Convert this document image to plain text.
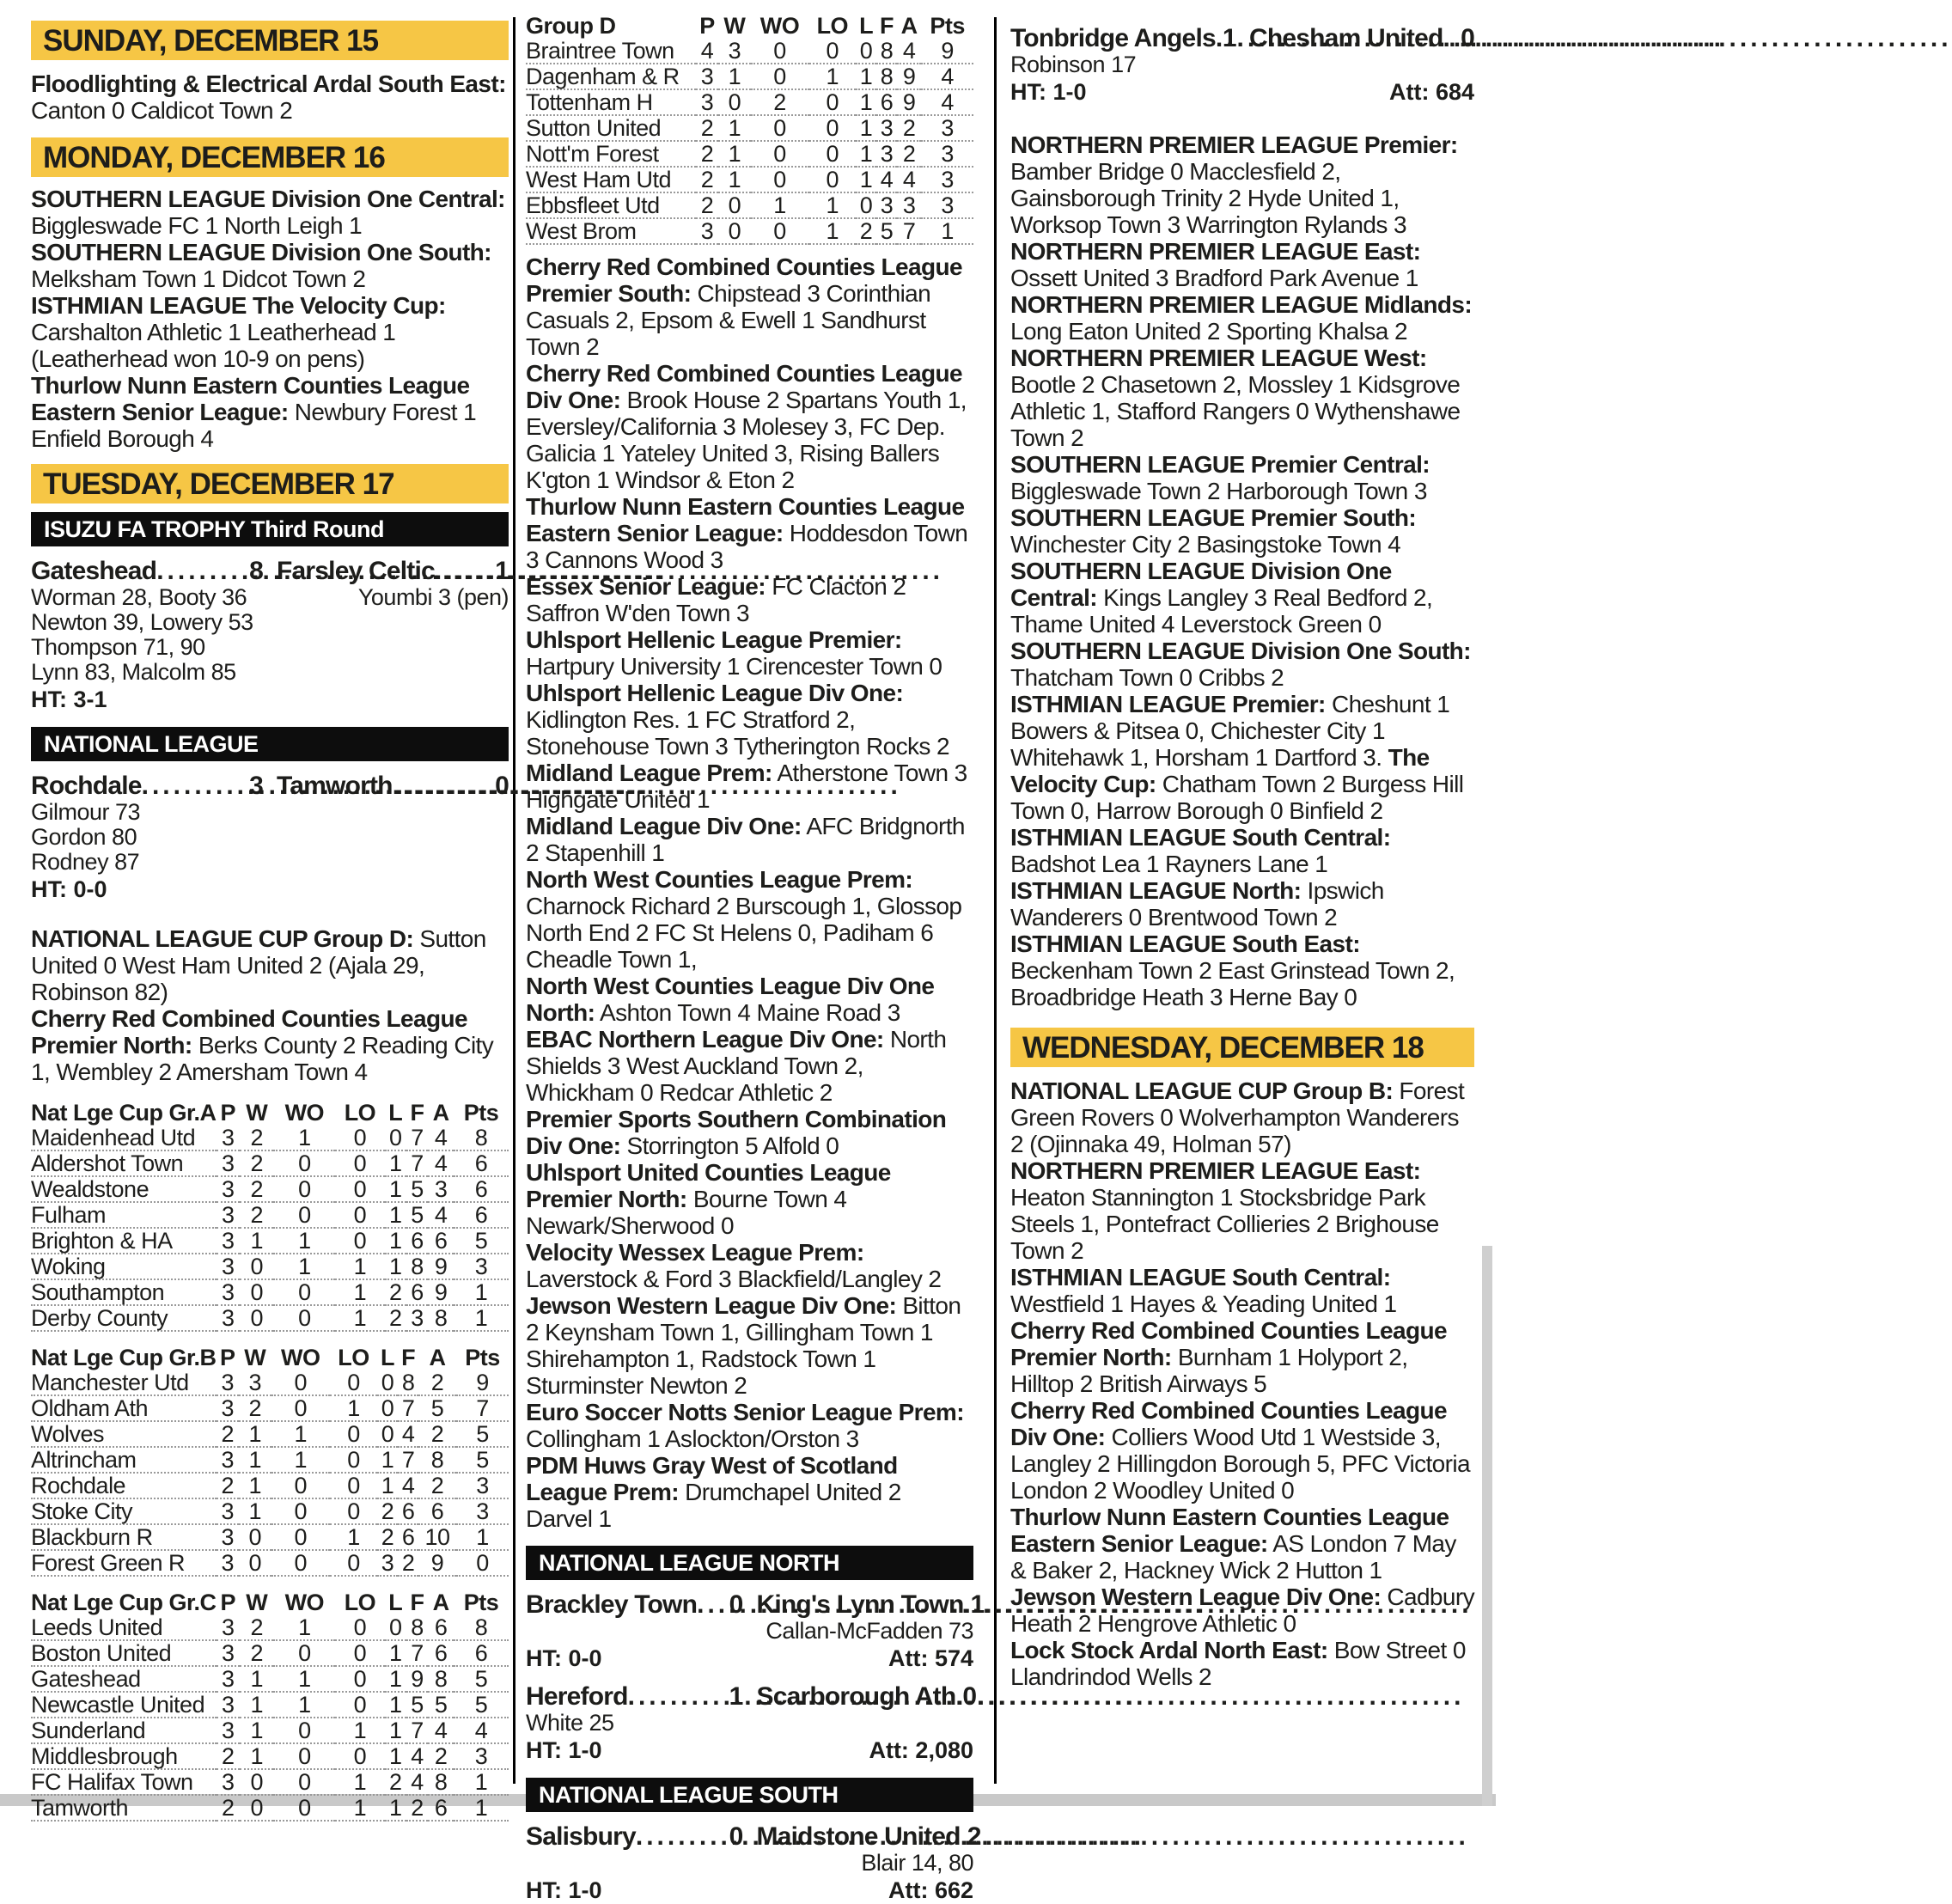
SUNDAY, DECEMBER 15

Floodlighting & Electrical Ardal South East: Canton 0 Caldicot Town 2

MONDAY, DECEMBER 16

SOUTHERN LEAGUE Division One Central: Biggleswade FC 1 North Leigh 1

SOUTHERN LEAGUE Division One South: Melksham Town 1 Didcot Town 2

ISTHMIAN LEAGUE The Velocity Cup: Carshalton Athletic 1 Leatherhead 1 (Leatherhead won 10-9 on pens)

Thurlow Nunn Eastern Counties League Eastern Senior League: Newbury Forest 1 Enfield Borough 4

TUESDAY, DECEMBER 17
ISUZU FA TROPHY Third Round
Gateshead .....	8 Farsley Celtic ..... 1
Worman 28, Booty 36
Newton 39, Lowery 53
Thompson 71, 90
Lynn 83, Malcolm 85
Youmbi 3 (pen)
HT: 3-1
NATIONAL LEAGUE
Rochdale .....	3 Tamworth .....	0
Gilmour 73
Gordon 80
Rodney 87
HT: 0-0

NATIONAL LEAGUE CUP Group D: Sutton United 0 West Ham United 2 (Ajala 29, Robinson 82)

Cherry Red Combined Counties League Premier North: Berks County 2 Reading City 1, Wembley 2 Amersham Town 4

Nat Lge Cup Gr.A	P	W	WO	LO	L	F	A	Pts
Maidenhead Utd	3	2	1	0	0	7	4	8
Aldershot Town	3	2	0	0	1	7	4	6
Wealdstone	3	2	0	0	1	5	3	6
Fulham	3	2	0	0	1	5	4	6
Brighton & HA	3	1	1	0	1	6	6	5
Woking	3	0	1	1	1	8	9	3
Southampton	3	0	0	1	2	6	9	1
Derby County	3	0	0	1	2	3	8	1
Nat Lge Cup Gr.B	P	W	WO	LO	L	F	A	Pts
Manchester Utd	3	3	0	0	0	8	2	9
Oldham Ath	3	2	0	1	0	7	5	7
Wolves	2	1	1	0	0	4	2	5
Altrincham	3	1	1	0	1	7	8	5
Rochdale	2	1	0	0	1	4	2	3
Stoke City	3	1	0	0	2	6	6	3
Blackburn R	3	0	0	1	2	6	10	1
Forest Green R	3	0	0	0	3	2	9	0
Nat Lge Cup Gr.C	P	W	WO	LO	L	F	A	Pts
Leeds United	3	2	1	0	0	8	6	8
Boston United	3	2	0	0	1	7	6	6
Gateshead	3	1	1	0	1	9	8	5
Newcastle United	3	1	1	0	1	5	5	5
Sunderland	3	1	0	1	1	7	4	4
Middlesbrough	2	1	0	0	1	4	2	3
FC Halifax Town	3	0	0	1	2	4	8	1
Tamworth	2	0	0	1	1	2	6	1
Group D	P	W	WO	LO	L	F	A	Pts
Braintree Town	4	3	0	0	0	8	4	9
Dagenham & R	3	1	0	1	1	8	9	4
Tottenham H	3	0	2	0	1	6	9	4
Sutton United	2	1	0	0	1	3	2	3
Nott'm Forest	2	1	0	0	1	3	2	3
West Ham Utd	2	1	0	0	1	4	4	3
Ebbsfleet Utd	2	0	1	1	0	3	3	3
West Brom	3	0	0	1	2	5	7	1

Cherry Red Combined Counties League Premier South: Chipstead 3 Corinthian Casuals 2, Epsom & Ewell 1 Sandhurst Town 2

Cherry Red Combined Counties League Div One: Brook House 2 Spartans Youth 1, Eversley/California 3 Molesey 3, FC Dep. Galicia 1 Yateley United 3, Rising Ballers K'gton 1 Windsor & Eton 2

Thurlow Nunn Eastern Counties League Eastern Senior League: Hoddesdon Town 3 Cannons Wood 3

Essex Senior League: FC Clacton 2 Saffron W'den Town 3

Uhlsport Hellenic League Premier: Hartpury University 1 Cirencester Town 0

Uhlsport Hellenic League Div One: Kidlington Res. 1 FC Stratford 2, Stonehouse Town 3 Tytherington Rocks 2

Midland League Prem: Atherstone Town 3 Highgate United 1

Midland League Div One: AFC Bridgnorth 2 Stapenhill 1

North West Counties League Prem: Charnock Richard 2 Burscough 1, Glossop North End 2 FC St Helens 0, Padiham 6 Cheadle Town 1,

North West Counties League Div One North: Ashton Town 4 Maine Road 3

EBAC Northern League Div One: North Shields 3 West Auckland Town 2, Whickham 0 Redcar Athletic 2

Premier Sports Southern Combination Div One: Storrington 5 Alfold 0

Uhlsport United Counties League Premier North: Bourne Town 4 Newark/Sherwood 0

Velocity Wessex League Prem: Laverstock & Ford 3 Blackfield/Langley 2

Jewson Western League Div One: Bitton 2 Keynsham Town 1, Gillingham Town 1 Shirehampton 1, Radstock Town 1 Sturminster Newton 2

Euro Soccer Notts Senior League Prem: Collingham 1 Aslockton/Orston 3

PDM Huws Gray West of Scotland League Prem: Drumchapel United 2 Darvel 1

NATIONAL LEAGUE NORTH
Brackley Town ..... 0 King's Lynn Town ..... 1
Callan-McFadden 73
HT: 0-0	Att: 574
Hereford .....	1 Scarborough Ath ..... 0
White 25
HT: 1-0	Att: 2,080
NATIONAL LEAGUE SOUTH
Salisbury .....	0 Maidstone United ..... 2
Blair 14, 80
HT: 1-0	Att: 662
Tonbridge Angels ..... 1 Chesham United ..... 0
Robinson 17
HT: 1-0	Att: 684

NORTHERN PREMIER LEAGUE Premier: Bamber Bridge 0 Macclesfield 2, Gainsborough Trinity 2 Hyde United 1, Worksop Town 3 Warrington Rylands 3

NORTHERN PREMIER LEAGUE East: Ossett United 3 Bradford Park Avenue 1

NORTHERN PREMIER LEAGUE Midlands: Long Eaton United 2 Sporting Khalsa 2

NORTHERN PREMIER LEAGUE West: Bootle 2 Chasetown 2, Mossley 1 Kidsgrove Athletic 1, Stafford Rangers 0 Wythenshawe Town 2

SOUTHERN LEAGUE Premier Central: Biggleswade Town 2 Harborough Town 3

SOUTHERN LEAGUE Premier South: Winchester City 2 Basingstoke Town 4

SOUTHERN LEAGUE Division One Central: Kings Langley 3 Real Bedford 2, Thame United 4 Leverstock Green 0

SOUTHERN LEAGUE Division One South: Thatcham Town 0 Cribbs 2

ISTHMIAN LEAGUE Premier: Cheshunt 1 Bowers & Pitsea 0, Chichester City 1 Whitehawk 1, Horsham 1 Dartford 3. The Velocity Cup: Chatham Town 2 Burgess Hill Town 0, Harrow Borough 0 Binfield 2

ISTHMIAN LEAGUE South Central: Badshot Lea 1 Rayners Lane 1

ISTHMIAN LEAGUE North: Ipswich Wanderers 0 Brentwood Town 2

ISTHMIAN LEAGUE South East: Beckenham Town 2 East Grinstead Town 2, Broadbridge Heath 3 Herne Bay 0

WEDNESDAY, DECEMBER 18

NATIONAL LEAGUE CUP Group B: Forest Green Rovers 0 Wolverhampton Wanderers 2 (Ojinnaka 49, Holman 57)

NORTHERN PREMIER LEAGUE East: Heaton Stannington 1 Stocksbridge Park Steels 1, Pontefract Collieries 2 Brighouse Town 2

ISTHMIAN LEAGUE South Central: Westfield 1 Hayes & Yeading United 1

Cherry Red Combined Counties League Premier North: Burnham 1 Holyport 2, Hilltop 2 British Airways 5

Cherry Red Combined Counties League Div One: Colliers Wood Utd 1 Westside 3, Langley 2 Hillingdon Borough 5, PFC Victoria London 2 Woodley United 0

Thurlow Nunn Eastern Counties League Eastern Senior League: AS London 7 May & Baker 2, Hackney Wick 2 Hutton 1

Jewson Western League Div One: Cadbury Heath 2 Hengrove Athletic 0

Lock Stock Ardal North East: Bow Street 0 Llandrindod Wells 2
